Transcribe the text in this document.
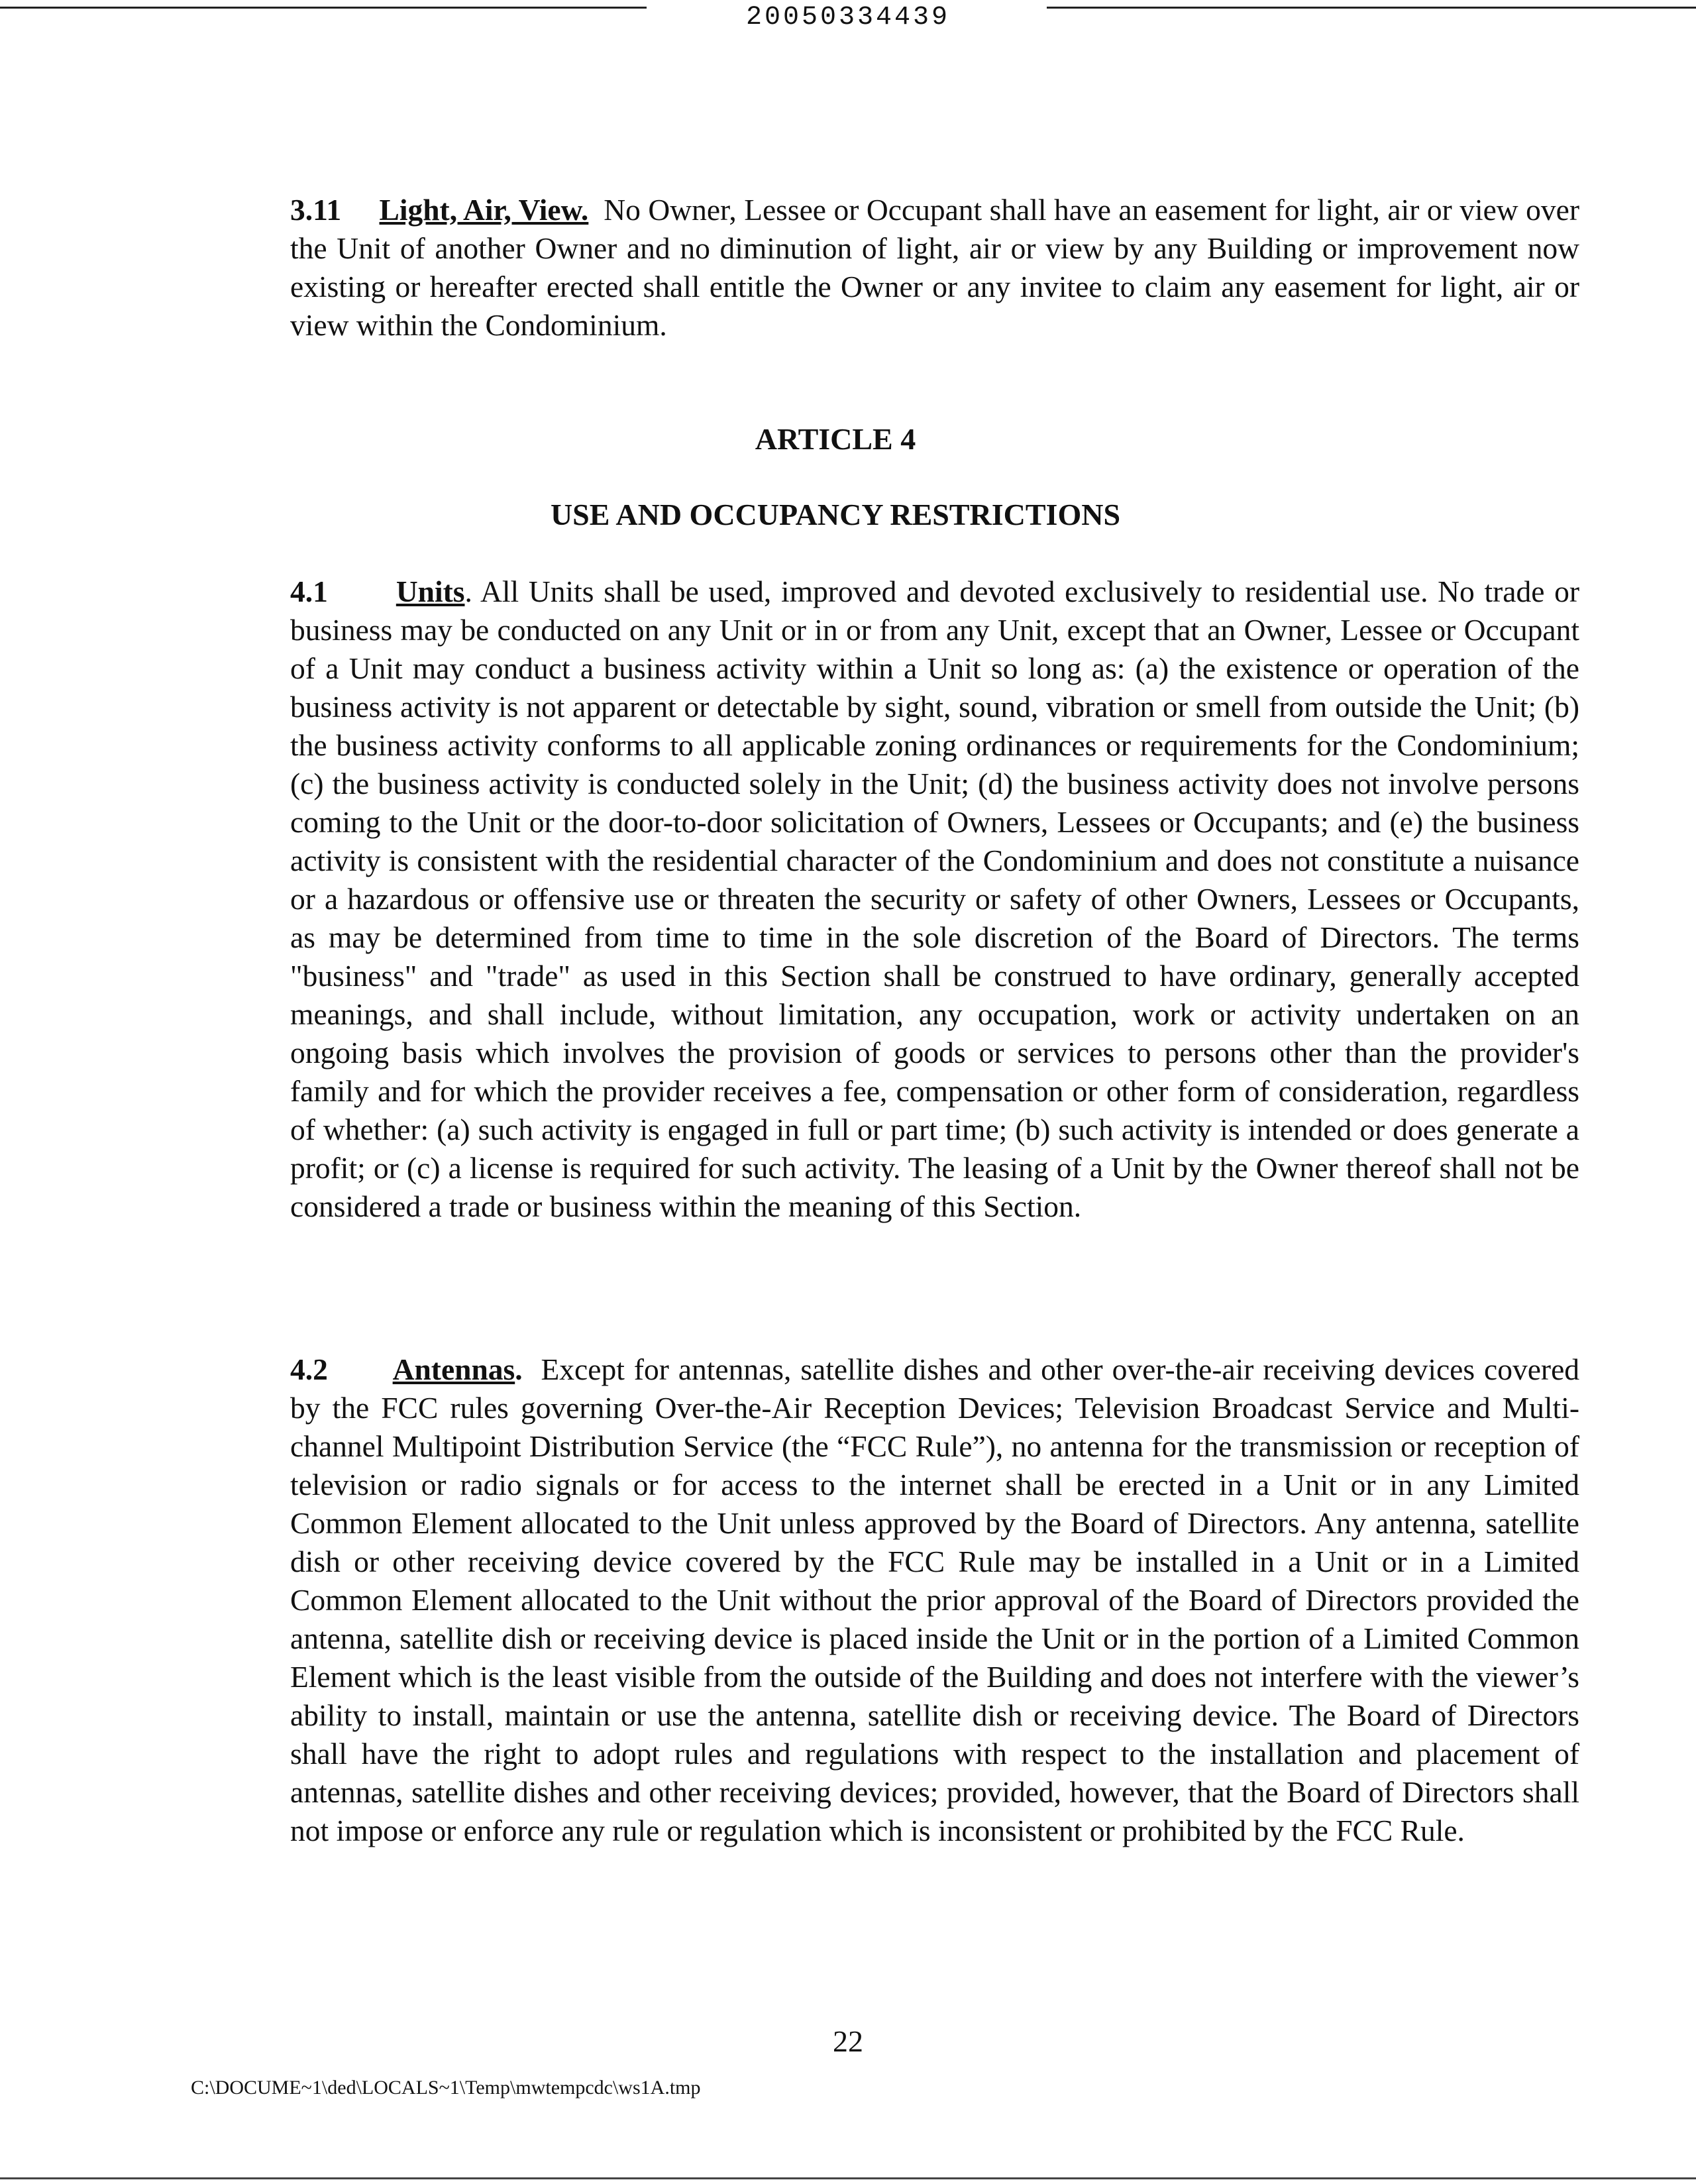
20050334439

3.11 Light, Air, View. No Owner, Lessee or Occupant shall have an easement for light, air or view over the Unit of another Owner and no diminution of light, air or view by any Building or improvement now existing or hereafter erected shall entitle the Owner or any invitee to claim any easement for light, air or view within the Condominium.

ARTICLE 4
USE AND OCCUPANCY RESTRICTIONS

4.1 Units. All Units shall be used, improved and devoted exclusively to residential use. No trade or business may be conducted on any Unit or in or from any Unit, except that an Owner, Lessee or Occupant of a Unit may conduct a business activity within a Unit so long as: (a) the existence or operation of the business activity is not apparent or detectable by sight, sound, vibration or smell from outside the Unit; (b) the business activity conforms to all applicable zoning ordinances or requirements for the Condominium; (c) the business activity is conducted solely in the Unit; (d) the business activity does not involve persons coming to the Unit or the door-to-door solicitation of Owners, Lessees or Occupants; and (e) the business activity is consistent with the residential character of the Condominium and does not constitute a nuisance or a hazardous or offensive use or threaten the security or safety of other Owners, Lessees or Occupants, as may be determined from time to time in the sole discretion of the Board of Directors. The terms "business" and "trade" as used in this Section shall be construed to have ordinary, generally accepted meanings, and shall include, without limitation, any occupation, work or activity undertaken on an ongoing basis which involves the provision of goods or services to persons other than the provider's family and for which the provider receives a fee, compensation or other form of consideration, regardless of whether: (a) such activity is engaged in full or part time; (b) such activity is intended or does generate a profit; or (c) a license is required for such activity. The leasing of a Unit by the Owner thereof shall not be considered a trade or business within the meaning of this Section.

4.2 Antennas. Except for antennas, satellite dishes and other over-the-air receiving devices covered by the FCC rules governing Over-the-Air Reception Devices; Television Broadcast Service and Multi-channel Multipoint Distribution Service (the “FCC Rule”), no antenna for the transmission or reception of television or radio signals or for access to the internet shall be erected in a Unit or in any Limited Common Element allocated to the Unit unless approved by the Board of Directors. Any antenna, satellite dish or other receiving device covered by the FCC Rule may be installed in a Unit or in a Limited Common Element allocated to the Unit without the prior approval of the Board of Directors provided the antenna, satellite dish or receiving device is placed inside the Unit or in the portion of a Limited Common Element which is the least visible from the outside of the Building and does not interfere with the viewer’s ability to install, maintain or use the antenna, satellite dish or receiving device. The Board of Directors shall have the right to adopt rules and regulations with respect to the installation and placement of antennas, satellite dishes and other receiving devices; provided, however, that the Board of Directors shall not impose or enforce any rule or regulation which is inconsistent or prohibited by the FCC Rule.

22
C:\DOCUME~1\ded\LOCALS~1\Temp\mwtempcdc\ws1A.tmp
